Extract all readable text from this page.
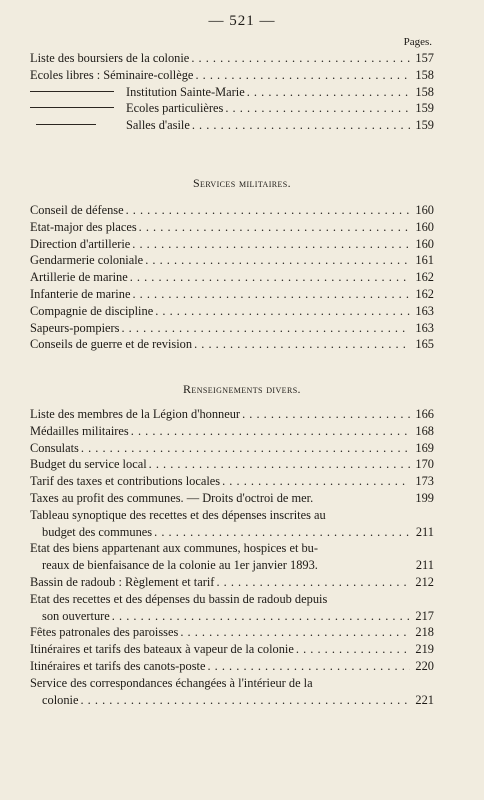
— 521 —
Pages.
Liste des boursiers de la colonie . . .	157
Ecoles libres : Séminaire-collège . . .	158
Institution Sainte-Marie . . .	158
Ecoles particulières . . .	159
Salles d'asile . . .	159
Services militaires.
Conseil de défense . . .	160
Etat-major des places . . .	160
Direction d'artillerie . . .	160
Gendarmerie coloniale . . .	161
Artillerie de marine . . .	162
Infanterie de marine . . .	162
Compagnie de discipline . . .	163
Sapeurs-pompiers . . .	163
Conseils de guerre et de revision . . .	165
Renseignements divers.
Liste des membres de la Légion d'honneur . . .	166
Médailles militaires . . .	168
Consulats . . .	169
Budget du service local . . .	170
Tarif des taxes et contributions locales . . .	173
Taxes au profit des communes. — Droits d'octroi de mer.	199
Tableau synoptique des recettes et des dépenses inscrites au
budget des communes . . .	211
Etat des biens appartenant aux communes, hospices et bu-
reaux de bienfaisance de la colonie au 1er janvier 1893.	211
Bassin de radoub : Règlement et tarif . . .	212
Etat des recettes et des dépenses du bassin de radoub depuis
son ouverture . . .	217
Fêtes patronales des paroisses . . .	218
Itinéraires et tarifs des bateaux à vapeur de la colonie . . .	219
Itinéraires et tarifs des canots-poste . . .	220
Service des correspondances échangées à l'intérieur de la
colonie . . .	221
